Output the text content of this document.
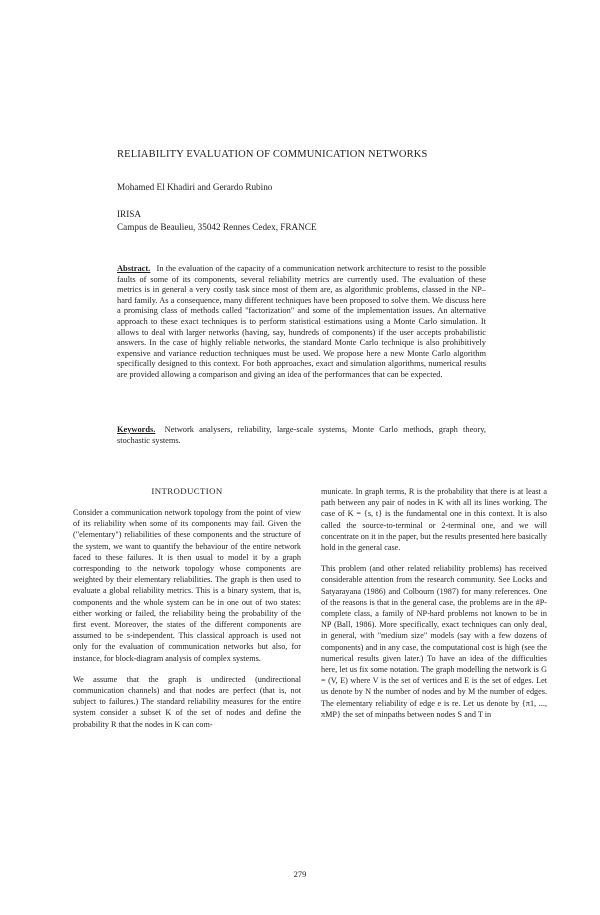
RELIABILITY EVALUATION OF COMMUNICATION NETWORKS
Mohamed El Khadiri and Gerardo Rubino
IRISA
Campus de Beaulieu, 35042 Rennes Cedex, FRANCE
Abstract. In the evaluation of the capacity of a communication network architecture to resist to the possible faults of some of its components, several reliability metrics are currently used. The evaluation of these metrics is in general a very costly task since most of them are, as algorithmic problems, classed in the NP–hard family. As a consequence, many different techniques have been proposed to solve them. We discuss here a promising class of methods called "factorization" and some of the implementation issues. An alternative approach to these exact techniques is to perform statistical estimations using a Monte Carlo simulation. It allows to deal with larger networks (having, say, hundreds of components) if the user accepts probabilistic answers. In the case of highly reliable networks, the standard Monte Carlo technique is also prohibitively expensive and variance reduction techniques must be used. We propose here a new Monte Carlo algorithm specifically designed to this context. For both approaches, exact and simulation algorithms, numerical results are provided allowing a comparison and giving an idea of the performances that can be expected.
Keywords. Network analysers, reliability, large-scale systems, Monte Carlo methods, graph theory, stochastic systems.
INTRODUCTION

Consider a communication network topology from the point of view of its reliability when some of its components may fail. Given the ("elementary") reliabilities of these components and the structure of the system, we want to quantify the behaviour of the entire network faced to these failures. It is then usual to model it by a graph corresponding to the network topology whose components are weighted by their elementary reliabilities. The graph is then used to evaluate a global reliability metrics. This is a binary system, that is, components and the whole system can be in one out of two states: either working or failed, the reliability being the probability of the first event. Moreover, the states of the different components are assumed to be s-independent. This classical approach is used not only for the evaluation of communication networks but also, for instance, for block-diagram analysis of complex systems.

We assume that the graph is undirected (undirectional communication channels) and that nodes are perfect (that is, not subject to failures.) The standard reliability measures for the entire system consider a subset K of the set of nodes and define the probability R that the nodes in K can com-

municate. In graph terms, R is the probability that there is at least a path between any pair of nodes in K with all its lines working. The case of K = {s, t} is the fundamental one in this context. It is also called the source-to-terminal or 2-terminal one, and we will concentrate on it in the paper, but the results presented here basically hold in the general case.

This problem (and other related reliability problems) has received considerable attention from the research community. See Locks and Satyarayana (1986) and Colbourn (1987) for many references. One of the reasons is that in the general case, the problems are in the #P-complete class, a family of NP-hard problems not known to be in NP (Ball, 1986). More specifically, exact techniques can only deal, in general, with "medium size" models (say with a few dozens of components) and in any case, the computational cost is high (see the numerical results given later.) To have an idea of the difficulties here, let us fix some notation. The graph modelling the network is G = (V, E) where V is the set of vertices and E is the set of edges. Let us denote by N the number of nodes and by M the number of edges. The elementary reliability of edge e is re. Let us denote by {π1, ..., πMP} the set of minpaths between nodes S and T in

279
